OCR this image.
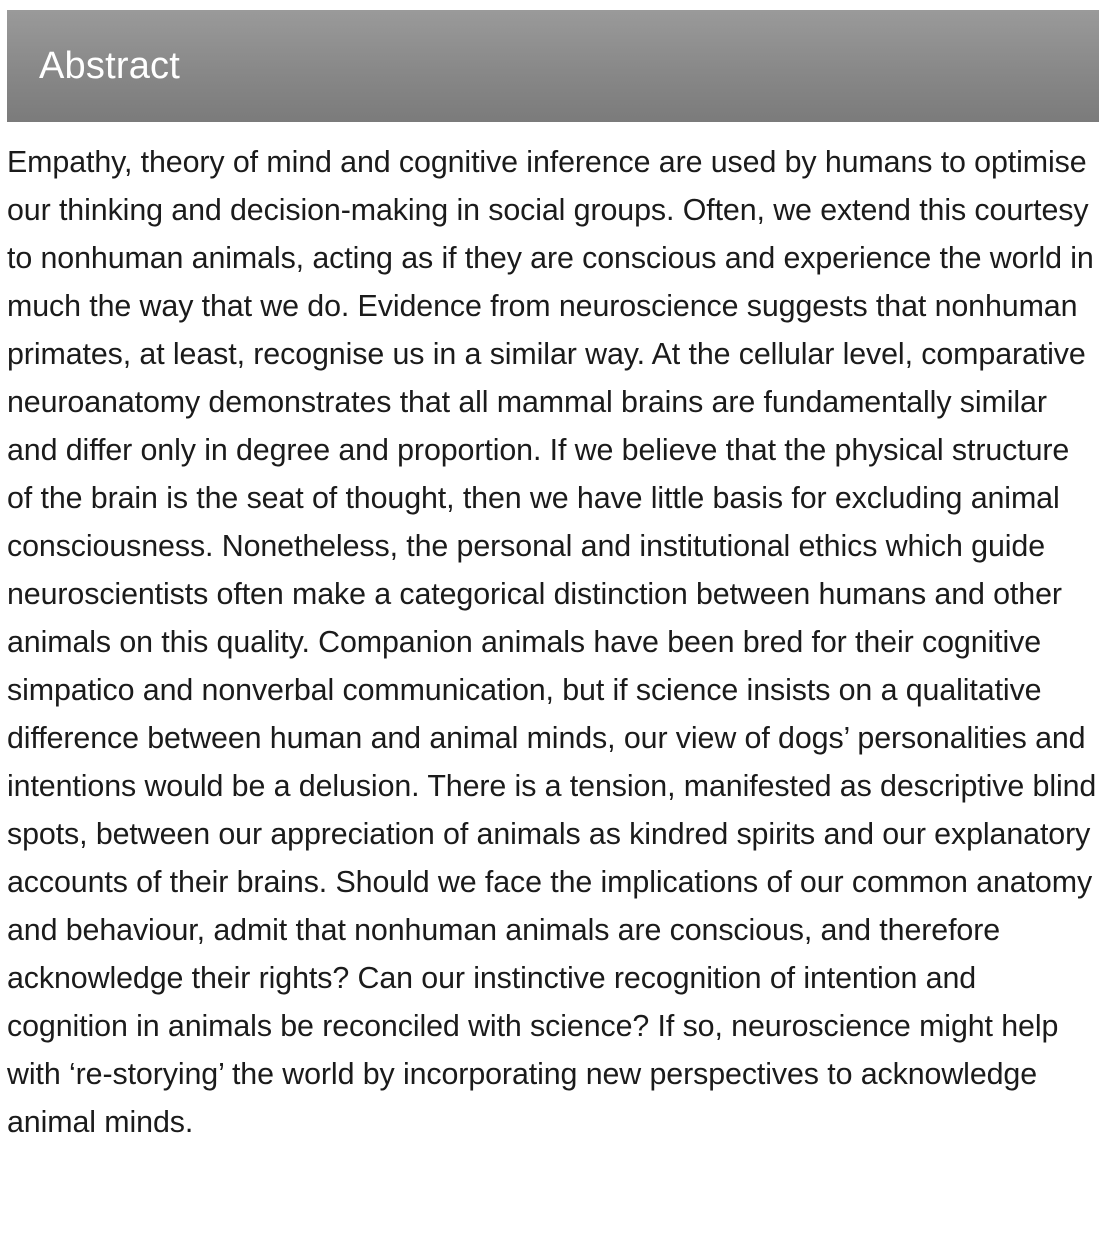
Abstract

Empathy, theory of mind and cognitive inference are used by humans to optimise our thinking and decision-making in social groups. Often, we extend this courtesy to nonhuman animals, acting as if they are conscious and experience the world in much the way that we do. Evidence from neuroscience suggests that nonhuman primates, at least, recognise us in a similar way. At the cellular level, comparative neuroanatomy demonstrates that all mammal brains are fundamentally similar and differ only in degree and proportion. If we believe that the physical structure of the brain is the seat of thought, then we have little basis for excluding animal consciousness. Nonetheless, the personal and institutional ethics which guide neuroscientists often make a categorical distinction between humans and other animals on this quality. Companion animals have been bred for their cognitive simpatico and nonverbal communication, but if science insists on a qualitative difference between human and animal minds, our view of dogs’ personalities and intentions would be a delusion. There is a tension, manifested as descriptive blind spots, between our appreciation of animals as kindred spirits and our explanatory accounts of their brains. Should we face the implications of our common anatomy and behaviour, admit that nonhuman animals are conscious, and therefore acknowledge their rights? Can our instinctive recognition of intention and cognition in animals be reconciled with science? If so, neuroscience might help with ‘re-storying’ the world by incorporating new perspectives to acknowledge animal minds.
